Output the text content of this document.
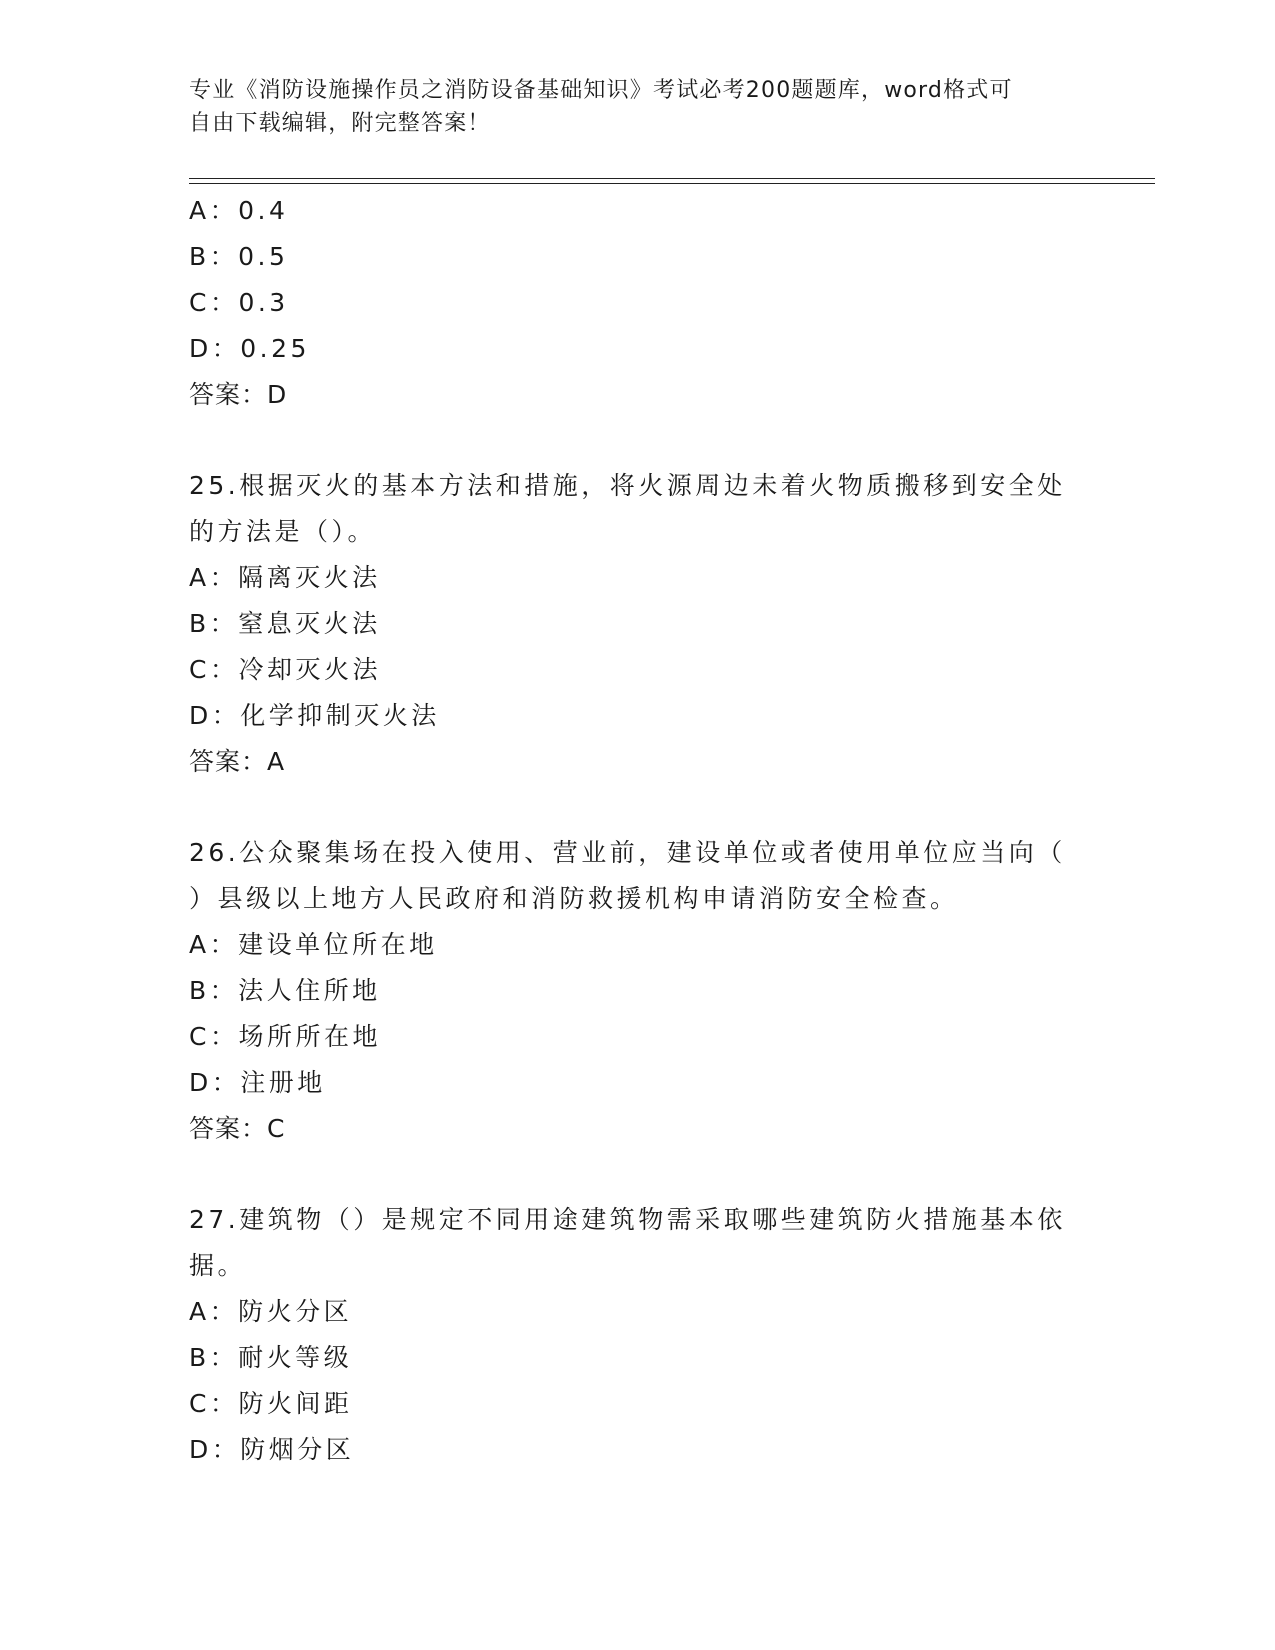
专业《消防设施操作员之消防设备基础知识》考试必考200题题库，word格式可
自由下载编辑，附完整答案！
A：0.4
B：0.5
C：0.3
D：0.25
答案：D
25.根据灭火的基本方法和措施，将火源周边未着火物质搬移到安全处
的方法是（）。
A：隔离灭火法
B：窒息灭火法
C：冷却灭火法
D：化学抑制灭火法
答案：A
26.公众聚集场在投入使用、营业前，建设单位或者使用单位应当向（
）县级以上地方人民政府和消防救援机构申请消防安全检查。
A：建设单位所在地
B：法人住所地
C：场所所在地
D：注册地
答案：C
27.建筑物（）是规定不同用途建筑物需采取哪些建筑防火措施基本依
据。
A：防火分区
B：耐火等级
C：防火间距
D：防烟分区
